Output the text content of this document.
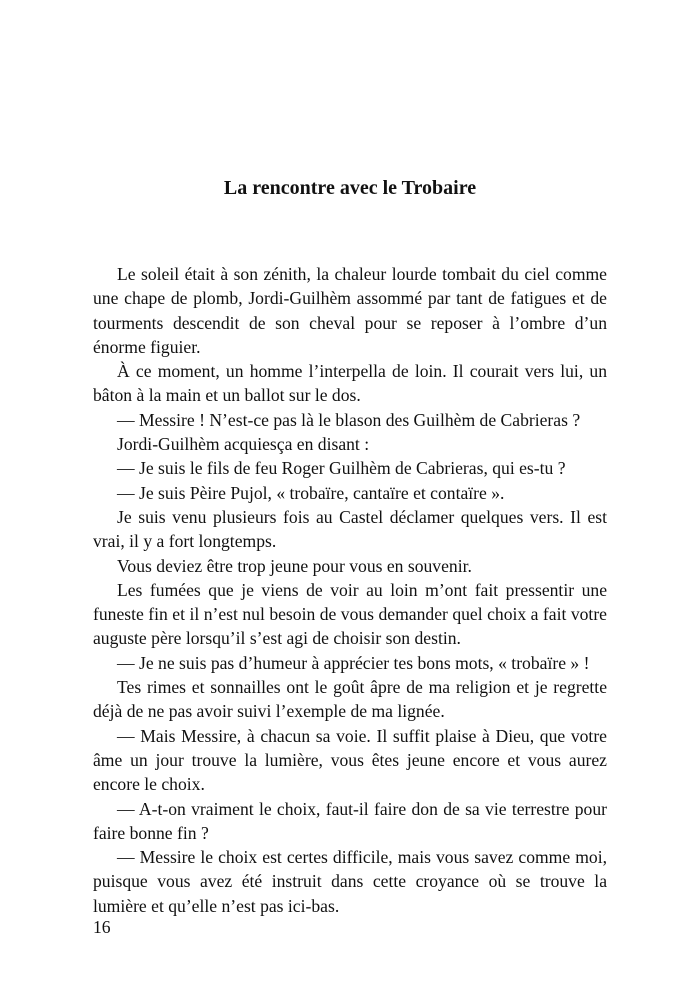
La rencontre avec le Trobaire

Le soleil était à son zénith, la chaleur lourde tombait du ciel comme une chape de plomb, Jordi-Guilhèm assommé par tant de fatigues et de tourments descendit de son cheval pour se reposer à l’ombre d’un énorme figuier.

À ce moment, un homme l’interpella de loin. Il courait vers lui, un bâton à la main et un ballot sur le dos.

— Messire ! N’est-ce pas là le blason des Guilhèm de Cabrieras ?

Jordi-Guilhèm acquiesça en disant :

— Je suis le fils de feu Roger Guilhèm de Cabrieras, qui es-tu ?

— Je suis Pèire Pujol, « trobaïre, cantaïre et contaïre ».

Je suis venu plusieurs fois au Castel déclamer quelques vers. Il est vrai, il y a fort longtemps.

Vous deviez être trop jeune pour vous en souvenir.

Les fumées que je viens de voir au loin m’ont fait pressentir une funeste fin et il n’est nul besoin de vous demander quel choix a fait votre auguste père lorsqu’il s’est agi de choisir son destin.

— Je ne suis pas d’humeur à apprécier tes bons mots, « trobaïre » !

Tes rimes et sonnailles ont le goût âpre de ma religion et je regrette déjà de ne pas avoir suivi l’exemple de ma lignée.

— Mais Messire, à chacun sa voie. Il suffit plaise à Dieu, que votre âme un jour trouve la lumière, vous êtes jeune encore et vous aurez encore le choix.

— A-t-on vraiment le choix, faut-il faire don de sa vie terrestre pour faire bonne fin ?

— Messire le choix est certes difficile, mais vous savez comme moi, puisque vous avez été instruit dans cette croyance où se trouve la lumière et qu’elle n’est pas ici-bas.

16
